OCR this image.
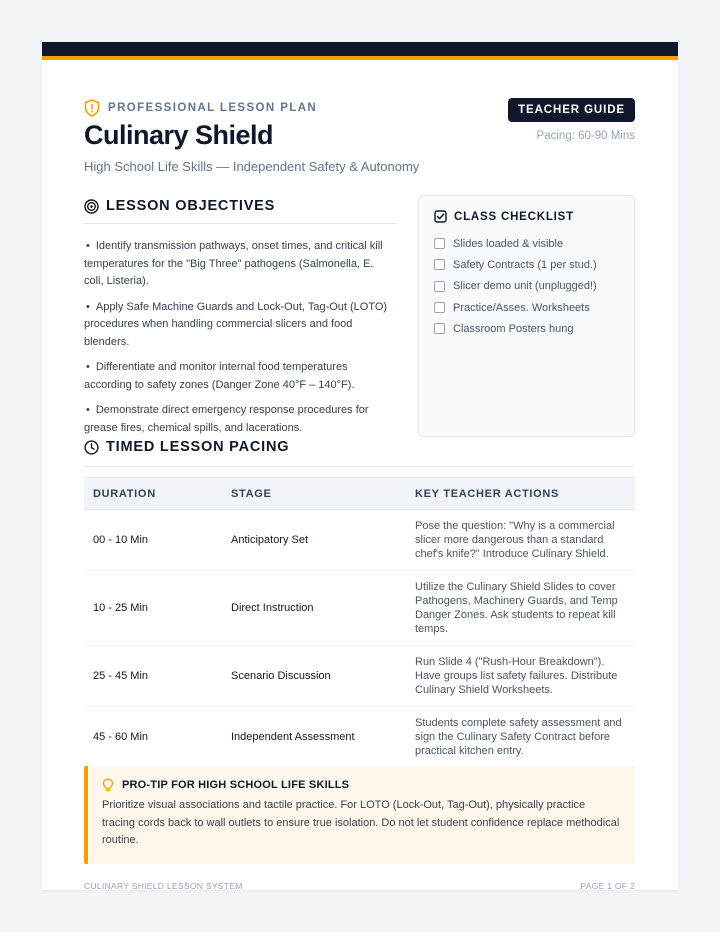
PROFESSIONAL LESSON PLAN
Culinary Shield
High School Life Skills — Independent Safety & Autonomy
TEACHER GUIDE
Pacing: 60-90 Mins
LESSON OBJECTIVES
• Identify transmission pathways, onset times, and critical kill temperatures for the "Big Three" pathogens (Salmonella, E. coli, Listeria).
• Apply Safe Machine Guards and Lock-Out, Tag-Out (LOTO) procedures when handling commercial slicers and food blenders.
• Differentiate and monitor internal food temperatures according to safety zones (Danger Zone 40°F – 140°F).
• Demonstrate direct emergency response procedures for grease fires, chemical spills, and lacerations.
CLASS CHECKLIST
Slides loaded & visible
Safety Contracts (1 per stud.)
Slicer demo unit (unplugged!)
Practice/Asses. Worksheets
Classroom Posters hung
TIMED LESSON PACING
DURATION	STAGE	KEY TEACHER ACTIONS
00 - 10 Min	Anticipatory Set	Pose the question: "Why is a commercial slicer more dangerous than a standard chef's knife?" Introduce Culinary Shield.
10 - 25 Min	Direct Instruction	Utilize the Culinary Shield Slides to cover Pathogens, Machinery Guards, and Temp Danger Zones. Ask students to repeat kill temps.
25 - 45 Min	Scenario Discussion	Run Slide 4 ("Rush-Hour Breakdown"). Have groups list safety failures. Distribute Culinary Shield Worksheets.
45 - 60 Min	Independent Assessment	Students complete safety assessment and sign the Culinary Safety Contract before practical kitchen entry.
PRO-TIP FOR HIGH SCHOOL LIFE SKILLS
Prioritize visual associations and tactile practice. For LOTO (Lock-Out, Tag-Out), physically practice tracing cords back to wall outlets to ensure true isolation. Do not let student confidence replace methodical routine.
CULINARY SHIELD LESSON SYSTEM	PAGE 1 OF 2
